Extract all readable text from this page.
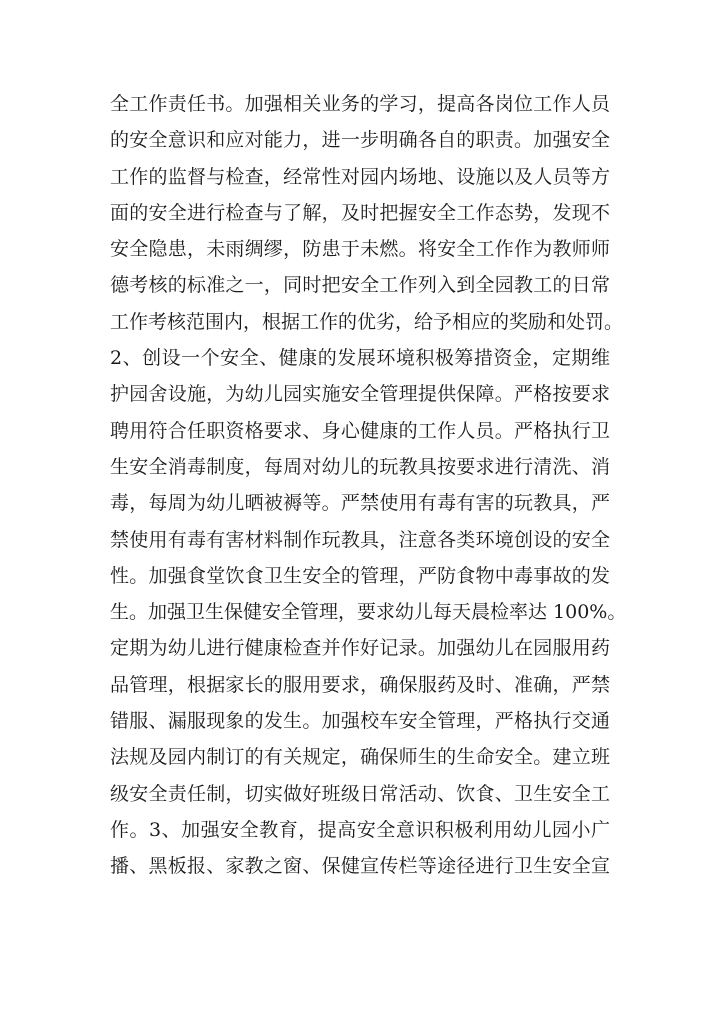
全工作责任书。加强相关业务的学习，提高各岗位工作人员
的安全意识和应对能力，进一步明确各自的职责。加强安全
工作的监督与检查，经常性对园内场地、设施以及人员等方
面的安全进行检查与了解，及时把握安全工作态势，发现不
安全隐患，未雨绸缪，防患于未燃。将安全工作作为教师师
德考核的标准之一，同时把安全工作列入到全园教工的日常
工作考核范围内，根据工作的优劣，给予相应的奖励和处罚。
2、创设一个安全、健康的发展环境积极筹措资金，定期维
护园舍设施，为幼儿园实施安全管理提供保障。严格按要求
聘用符合任职资格要求、身心健康的工作人员。严格执行卫
生安全消毒制度，每周对幼儿的玩教具按要求进行清洗、消
毒，每周为幼儿晒被褥等。严禁使用有毒有害的玩教具，严
禁使用有毒有害材料制作玩教具，注意各类环境创设的安全
性。加强食堂饮食卫生安全的管理，严防食物中毒事故的发
生。加强卫生保健安全管理，要求幼儿每天晨检率达 100%。
定期为幼儿进行健康检查并作好记录。加强幼儿在园服用药
品管理，根据家长的服用要求，确保服药及时、准确，严禁
错服、漏服现象的发生。加强校车安全管理，严格执行交通
法规及园内制订的有关规定，确保师生的生命安全。建立班
级安全责任制，切实做好班级日常活动、饮食、卫生安全工
作。3、加强安全教育，提高安全意识积极利用幼儿园小广
播、黑板报、家教之窗、保健宣传栏等途径进行卫生安全宣
